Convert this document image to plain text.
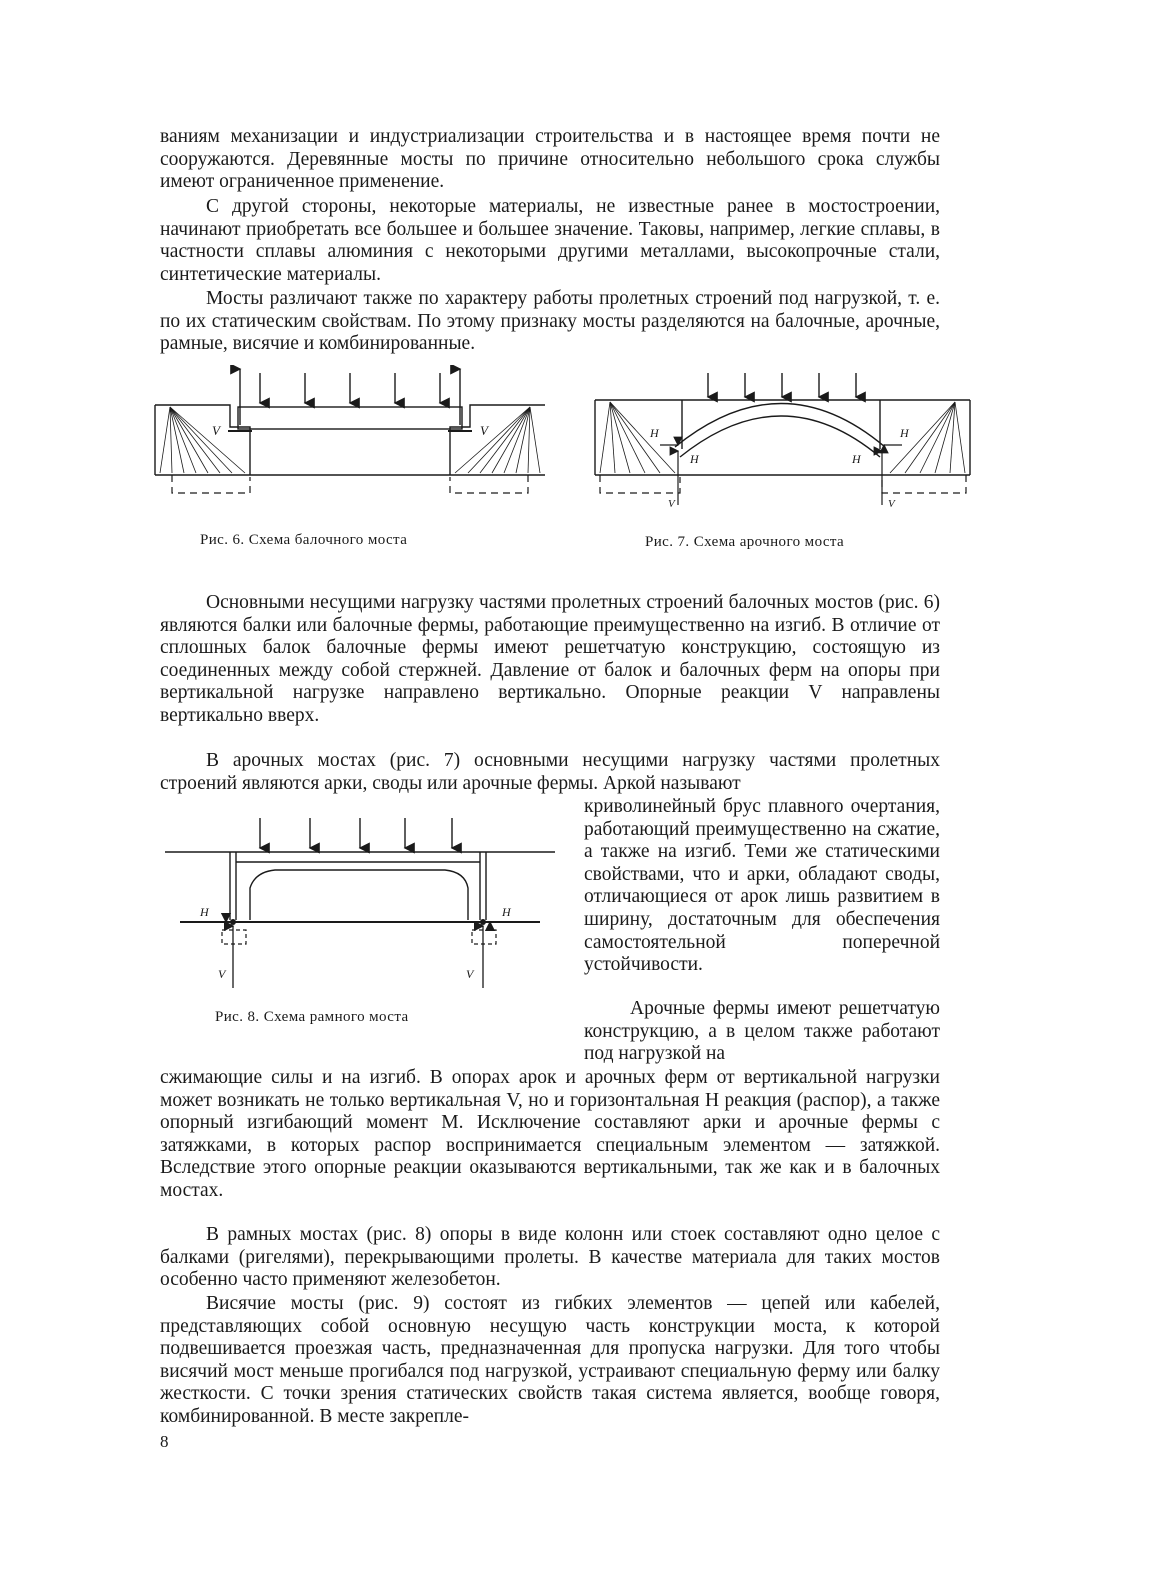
ваниям механизации и индустриализации строительства и в настоящее время почти не сооружаются. Деревянные мосты по причине относительно небольшого срока службы имеют ограниченное применение.

С другой стороны, некоторые материалы, не известные ранее в мостостроении, начинают приобретать все большее и большее значение. Таковы, например, легкие сплавы, в частности сплавы алюминия с некоторыми другими металлами, высокопрочные стали, синтетические материалы.

Мосты различают также по характеру работы пролетных строений под нагрузкой, т. е. по их статическим свойствам. По этому признаку мосты разделяются на балочные, арочные, рамные, висячие и комбинированные.

V	V

Рис. 6. Схема балочного моста

H
H
H
H
V	V

Рис. 7. Схема арочного моста

Основными несущими нагрузку частями пролетных строений балочных мостов (рис. 6) являются балки или балочные фермы, работающие преимущественно на изгиб. В отличие от сплошных балок балочные фермы имеют решетчатую конструкцию, состоящую из соединенных между собой стержней. Давление от балок и балочных ферм на опоры при вертикальной нагрузке направлено вертикально. Опорные реакции V направлены вертикально вверх.

В арочных мостах (рис. 7) основными несущими нагрузку частями пролетных строений являются арки, своды или арочные фермы. Аркой называют

H	H
V	V

Рис. 8. Схема рамного моста

криволинейный брус плавного очертания, работающий преимущественно на сжатие, а также на изгиб. Теми же статическими свойствами, что и арки, обладают своды, отличающиеся от арок лишь развитием в ширину, достаточным для обеспечения самостоятельной поперечной устойчивости.

Арочные фермы имеют решетчатую конструкцию, а в целом также работают под нагрузкой на

сжимающие силы и на изгиб. В опорах арок и арочных ферм от вертикальной нагрузки может возникать не только вертикальная V, но и горизонтальная H реакция (распор), а также опорный изгибающий момент M. Исключение составляют арки и арочные фермы с затяжками, в которых распор воспринимается специальным элементом — затяжкой. Вследствие этого опорные реакции оказываются вертикальными, так же как и в балочных мостах.

В рамных мостах (рис. 8) опоры в виде колонн или стоек составляют одно целое с балками (ригелями), перекрывающими пролеты. В качестве материала для таких мостов особенно часто применяют железобетон.

Висячие мосты (рис. 9) состоят из гибких элементов — цепей или кабелей, представляющих собой основную несущую часть конструкции моста, к которой подвешивается проезжая часть, предназначенная для пропуска нагрузки. Для того чтобы висячий мост меньше прогибался под нагрузкой, устраивают специальную ферму или балку жесткости. С точки зрения статических свойств такая система является, вообще говоря, комбинированной. В месте закрепле-

8
